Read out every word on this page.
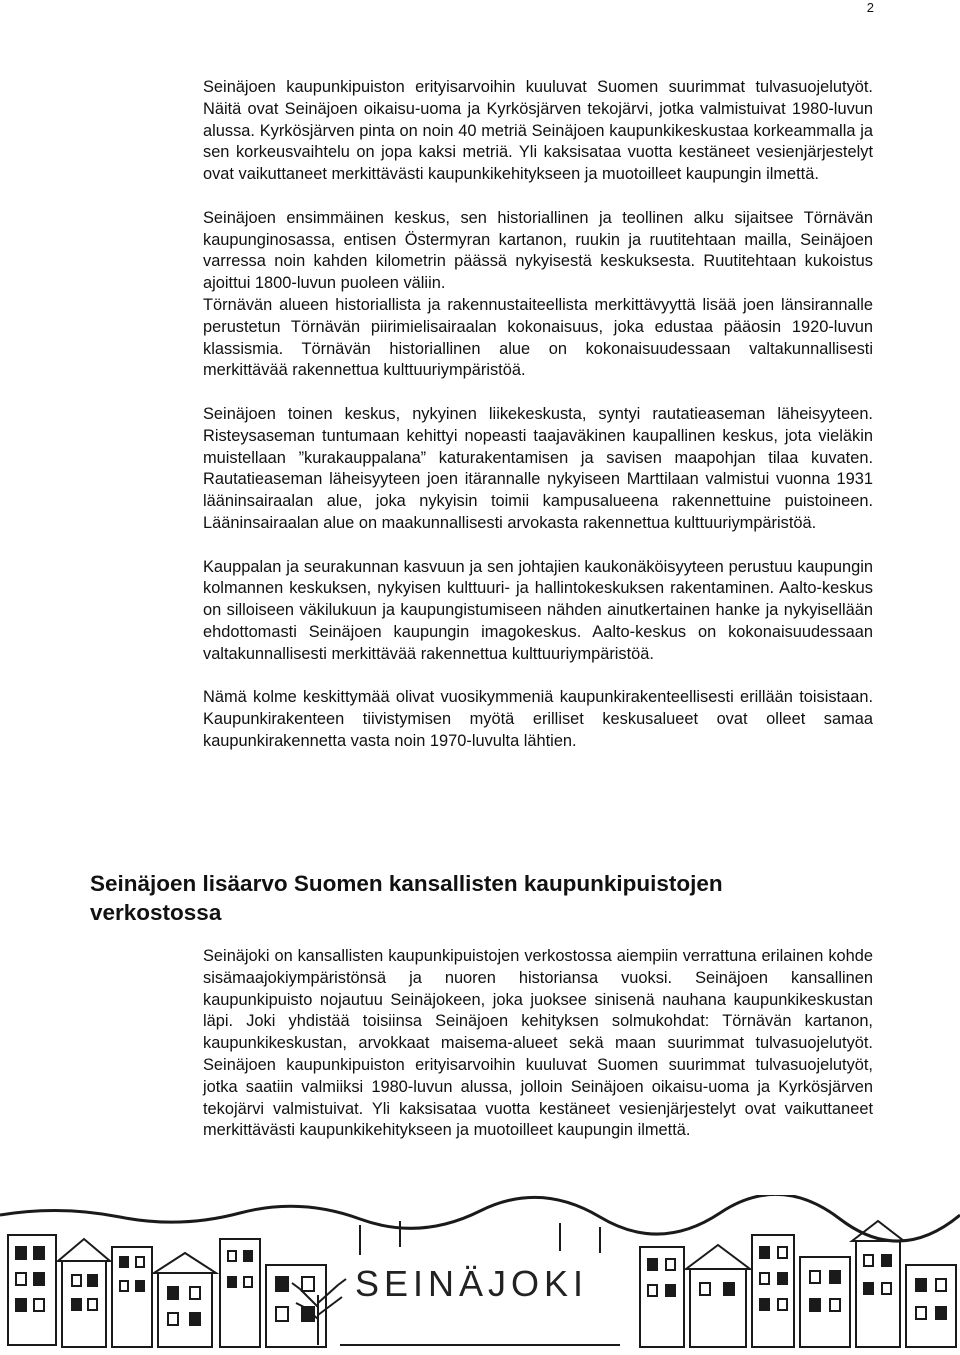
2

Seinäjoen kaupunkipuiston erityisarvoihin kuuluvat Suomen suurimmat tulvasuojelutyöt. Näitä ovat Seinäjoen oikaisu-uoma ja Kyrkösjärven tekojärvi, jotka valmistuivat 1980-luvun alussa. Kyrkösjärven pinta on noin 40 metriä Seinäjoen kaupunkikeskustaa korkeammalla ja sen korkeusvaihtelu on jopa kaksi metriä. Yli kaksisataa vuotta kestäneet vesienjärjestelyt ovat vaikuttaneet merkittävästi kaupunkikehitykseen ja muotoilleet kaupungin ilmettä.

Seinäjoen ensimmäinen keskus, sen historiallinen ja teollinen alku sijaitsee Törnävän kaupunginosassa, entisen Östermyran kartanon, ruukin ja ruutitehtaan mailla, Seinäjoen varressa noin kahden kilometrin päässä nykyisestä keskuksesta. Ruutitehtaan kukoistus ajoittui 1800-luvun puoleen väliin.

Törnävän alueen historiallista ja rakennustaiteellista merkittävyyttä lisää joen länsirannalle perustetun Törnävän piirimielisairaalan kokonaisuus, joka edustaa pääosin 1920-luvun klassismia. Törnävän historiallinen alue on kokonaisuudessaan valtakunnallisesti merkittävää rakennettua kulttuuriympäristöä.

Seinäjoen toinen keskus, nykyinen liikekeskusta, syntyi rautatieaseman läheisyyteen. Risteysaseman tuntumaan kehittyi nopeasti taajaväkinen kaupallinen keskus, jota vieläkin muistellaan ”kurakauppalana” katurakentamisen ja savisen maapohjan tilaa kuvaten. Rautatieaseman läheisyyteen joen itärannalle nykyiseen Marttilaan valmistui vuonna 1931 lääninsairaalan alue, joka nykyisin toimii kampusalueena rakennettuine puistoineen. Lääninsairaalan alue on maakunnallisesti arvokasta rakennettua kulttuuriympäristöä.

Kauppalan ja seurakunnan kasvuun ja sen johtajien kaukonäköisyyteen perustuu kaupungin kolmannen keskuksen, nykyisen kulttuuri- ja hallintokeskuksen rakentaminen. Aalto-keskus on silloiseen väkilukuun ja kaupungistumiseen nähden ainutkertainen hanke ja nykyisellään ehdottomasti Seinäjoen kaupungin imagokeskus. Aalto-keskus on kokonaisuudessaan valtakunnallisesti merkittävää rakennettua kulttuuriympäristöä.

Nämä kolme keskittymää olivat vuosikymmeniä kaupunkirakenteellisesti erillään toisistaan. Kaupunkirakenteen tiivistymisen myötä erilliset keskusalueet ovat olleet samaa kaupunkirakennetta vasta noin 1970-luvulta lähtien.

Seinäjoen lisäarvo Suomen kansallisten kaupunkipuistojen verkostossa

Seinäjoki on kansallisten kaupunkipuistojen verkostossa aiempiin verrattuna erilainen kohde sisämaajokiympäristönsä ja nuoren historiansa vuoksi. Seinäjoen kansallinen kaupunkipuisto nojautuu Seinäjokeen, joka juoksee sinisenä nauhana kaupunkikeskustan läpi. Joki yhdistää toisiinsa Seinäjoen kehityksen solmukohdat: Törnävän kartanon, kaupunkikeskustan, arvokkaat maisema-alueet sekä maan suurimmat tulvasuojelutyöt. Seinäjoen kaupunkipuiston erityisarvoihin kuuluvat Suomen suurimmat tulvasuojelutyöt, jotka saatiin valmiiksi 1980-luvun alussa, jolloin Seinäjoen oikaisu-uoma ja Kyrkösjärven tekojärvi valmistuivat. Yli kaksisataa vuotta kestäneet vesienjärjestelyt ovat vaikuttaneet merkittävästi kaupunkikehitykseen ja muotoilleet kaupungin ilmettä.

SEINÄJOKI
